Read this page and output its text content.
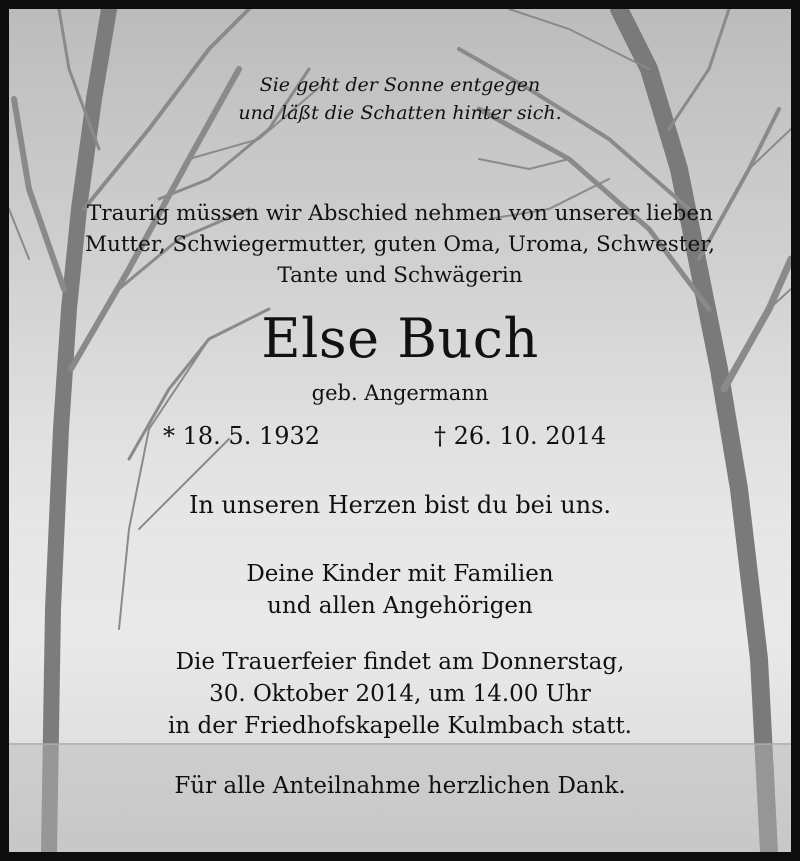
Sie geht der Sonne entgegen
und läßt die Schatten hinter sich.
Traurig müssen wir Abschied nehmen von unserer lieben
Mutter, Schwiegermutter, guten Oma, Uroma, Schwester,
Tante und Schwägerin
Else Buch
geb. Angermann
* 18. 5. 1932	† 26. 10. 2014
In unseren Herzen bist du bei uns.
Deine Kinder mit Familien
und allen Angehörigen
Die Trauerfeier findet am Donnerstag,
30. Oktober 2014, um 14.00 Uhr
in der Friedhofskapelle Kulmbach statt.
Für alle Anteilnahme herzlichen Dank.
